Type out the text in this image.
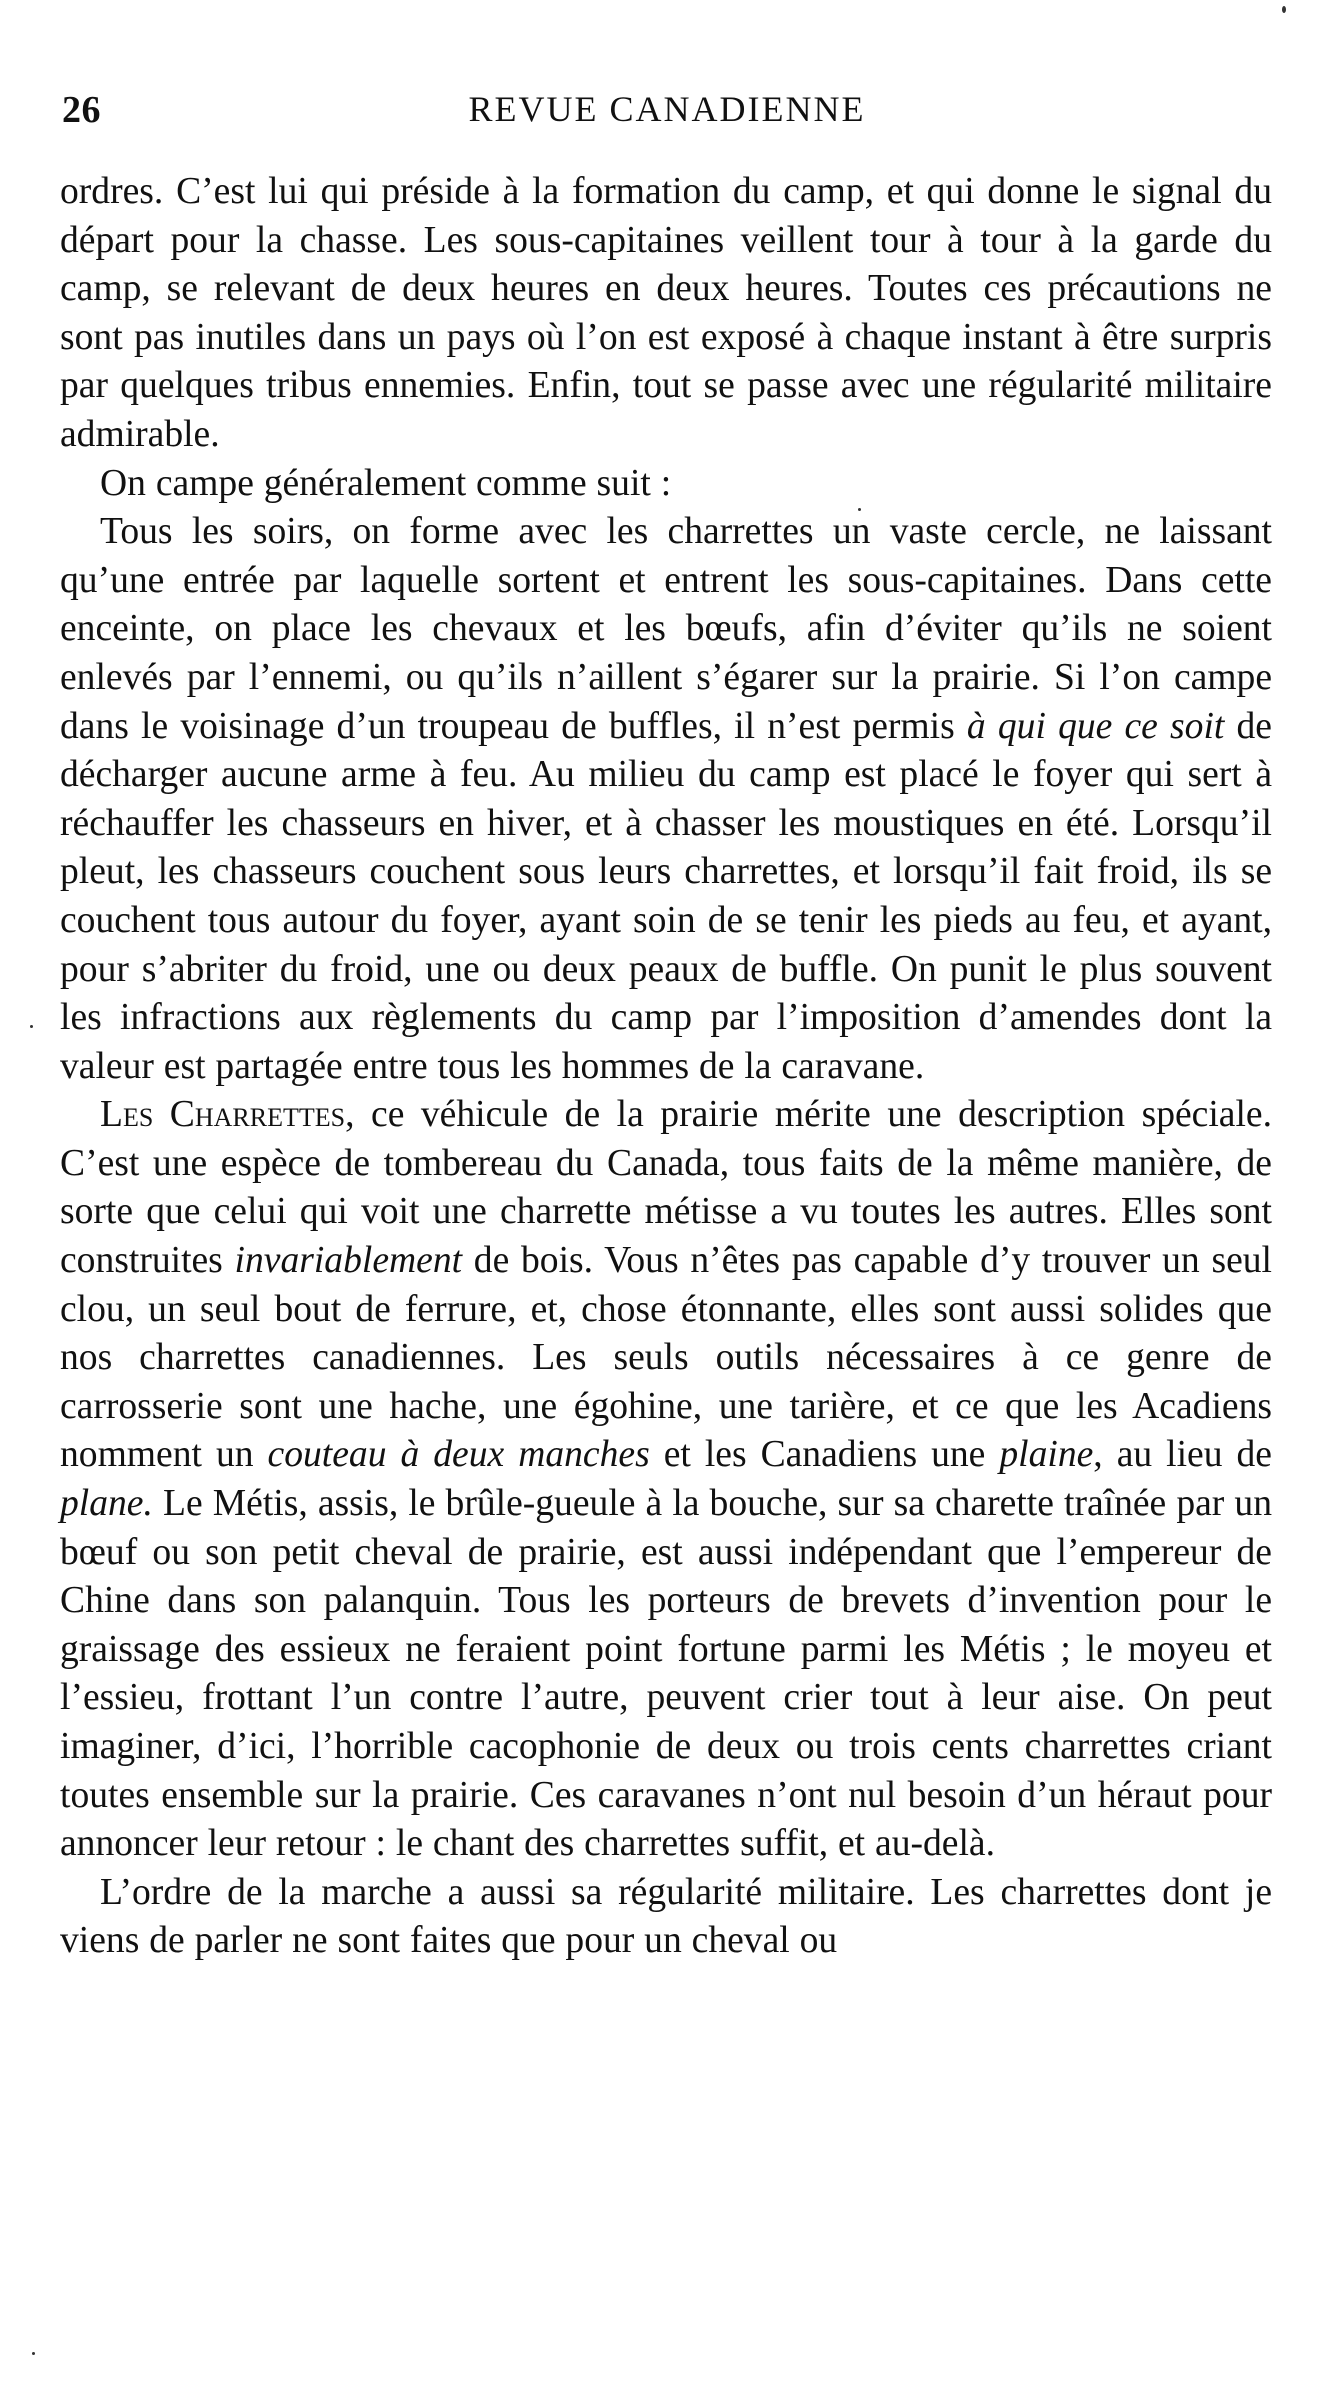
26	REVUE CANADIENNE

ordres. C’est lui qui préside à la formation du camp, et qui donne le signal du départ pour la chasse. Les sous-capitaines veillent tour à tour à la garde du camp, se relevant de deux heures en deux heures. Toutes ces précautions ne sont pas inutiles dans un pays où l’on est exposé à chaque instant à être surpris par quelques tribus ennemies. Enfin, tout se passe avec une régularité militaire admirable.

On campe généralement comme suit :

Tous les soirs, on forme avec les charrettes un vaste cercle, ne laissant qu’une entrée par laquelle sortent et entrent les sous-capitaines. Dans cette enceinte, on place les chevaux et les bœufs, afin d’éviter qu’ils ne soient enlevés par l’ennemi, ou qu’ils n’aillent s’égarer sur la prairie. Si l’on campe dans le voisinage d’un troupeau de buffles, il n’est permis à qui que ce soit de décharger aucune arme à feu. Au milieu du camp est placé le foyer qui sert à réchauffer les chasseurs en hiver, et à chasser les moustiques en été. Lorsqu’il pleut, les chasseurs couchent sous leurs charrettes, et lorsqu’il fait froid, ils se couchent tous autour du foyer, ayant soin de se tenir les pieds au feu, et ayant, pour s’abriter du froid, une ou deux peaux de buffle. On punit le plus souvent les infractions aux règlements du camp par l’imposition d’amendes dont la valeur est partagée entre tous les hommes de la caravane.

Les Charrettes, ce véhicule de la prairie mérite une description spéciale. C’est une espèce de tombereau du Canada, tous faits de la même manière, de sorte que celui qui voit une charrette métisse a vu toutes les autres. Elles sont construites invariablement de bois. Vous n’êtes pas capable d’y trouver un seul clou, un seul bout de ferrure, et, chose étonnante, elles sont aussi solides que nos charrettes canadiennes. Les seuls outils nécessaires à ce genre de carrosserie sont une hache, une égohine, une tarière, et ce que les Acadiens nomment un couteau à deux manches et les Canadiens une plaine, au lieu de plane. Le Métis, assis, le brûle-gueule à la bouche, sur sa charette traînée par un bœuf ou son petit cheval de prairie, est aussi indépendant que l’empereur de Chine dans son palanquin. Tous les porteurs de brevets d’invention pour le graissage des essieux ne feraient point fortune parmi les Métis ; le moyeu et l’essieu, frottant l’un contre l’autre, peuvent crier tout à leur aise. On peut imaginer, d’ici, l’horrible cacophonie de deux ou trois cents charrettes criant toutes ensemble sur la prairie. Ces caravanes n’ont nul besoin d’un héraut pour annoncer leur retour : le chant des charrettes suffit, et au-delà.

L’ordre de la marche a aussi sa régularité militaire. Les charrettes dont je viens de parler ne sont faites que pour un cheval ou
